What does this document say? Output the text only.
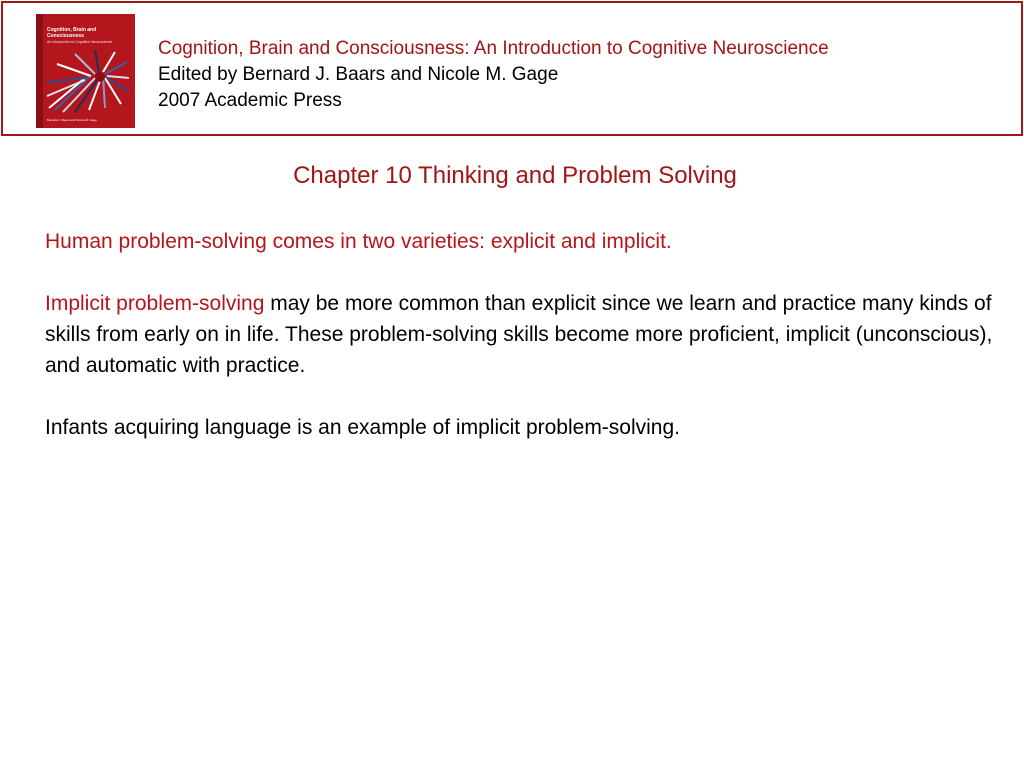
Cognition, Brain and Consciousness
An Introduction to Cognitive Neuroscience
Bernard J. Baars and Nicole M. Gage
Cognition, Brain and Consciousness: An Introduction to Cognitive Neuroscience
Edited by Bernard J. Baars and Nicole M. Gage
2007 Academic Press
Chapter 10 Thinking and Problem Solving

Human problem-solving comes in two varieties: explicit and implicit.

Implicit problem-solving may be more common than explicit since we learn and practice many kinds of skills from early on in life. These problem-solving skills become more proficient, implicit (unconscious), and automatic with practice.

Infants acquiring language is an example of implicit problem-solving.
